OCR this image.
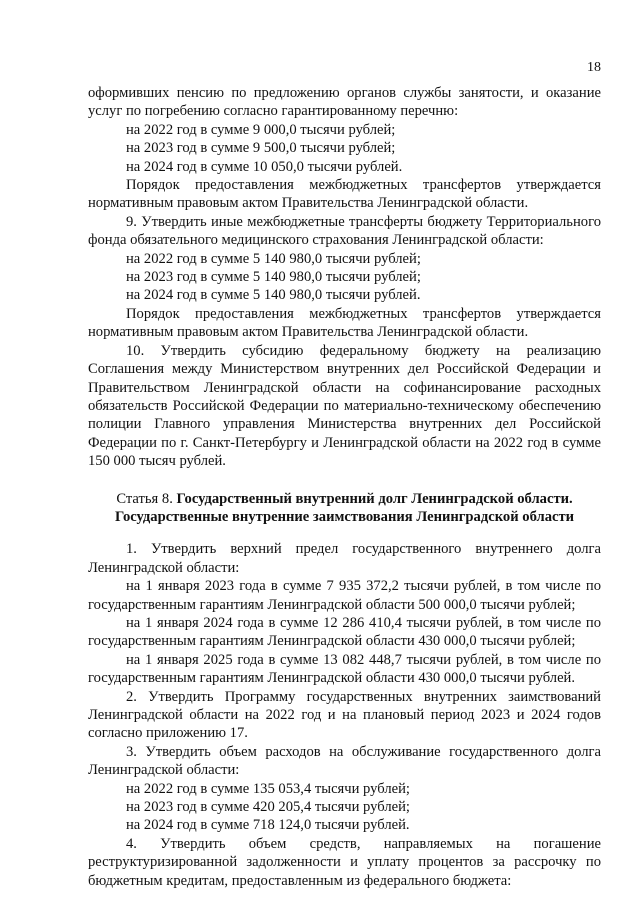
18

оформивших пенсию по предложению органов службы занятости, и оказание услуг по погребению согласно гарантированному перечню:

на 2022 год в сумме 9 000,0 тысячи рублей;

на 2023 год в сумме 9 500,0 тысячи рублей;

на 2024 год в сумме 10 050,0 тысячи рублей.

Порядок предоставления межбюджетных трансфертов утверждается нормативным правовым актом Правительства Ленинградской области.

9. Утвердить иные межбюджетные трансферты бюджету Территориального фонда обязательного медицинского страхования Ленинградской области:

на 2022 год в сумме 5 140 980,0 тысячи рублей;

на 2023 год в сумме 5 140 980,0 тысячи рублей;

на 2024 год в сумме 5 140 980,0 тысячи рублей.

Порядок предоставления межбюджетных трансфертов утверждается нормативным правовым актом Правительства Ленинградской области.

10. Утвердить субсидию федеральному бюджету на реализацию Соглашения между Министерством внутренних дел Российской Федерации и Правительством Ленинградской области на софинансирование расходных обязательств Российской Федерации по материально-техническому обеспечению полиции Главного управления Министерства внутренних дел Российской Федерации по г. Санкт-Петербургу и Ленинградской области на 2022 год в сумме 150 000 тысяч рублей.

Статья 8. Государственный внутренний долг Ленинградской области.

Государственные внутренние заимствования Ленинградской области

1. Утвердить верхний предел государственного внутреннего долга Ленинградской области:

на 1 января 2023 года в сумме 7 935 372,2 тысячи рублей, в том числе по государственным гарантиям Ленинградской области 500 000,0 тысячи рублей;

на 1 января 2024 года в сумме 12 286 410,4 тысячи рублей, в том числе по государственным гарантиям Ленинградской области 430 000,0 тысячи рублей;

на 1 января 2025 года в сумме 13 082 448,7 тысячи рублей, в том числе по государственным гарантиям Ленинградской области 430 000,0 тысячи рублей.

2. Утвердить Программу государственных внутренних заимствований Ленинградской области на 2022 год и на плановый период 2023 и 2024 годов согласно приложению 17.

3. Утвердить объем расходов на обслуживание государственного долга Ленинградской области:

на 2022 год в сумме 135 053,4 тысячи рублей;

на 2023 год в сумме 420 205,4 тысячи рублей;

на 2024 год в сумме 718 124,0 тысячи рублей.

4. Утвердить объем средств, направляемых на погашение реструктуризированной задолженности и уплату процентов за рассрочку по бюджетным кредитам, предоставленным из федерального бюджета:
